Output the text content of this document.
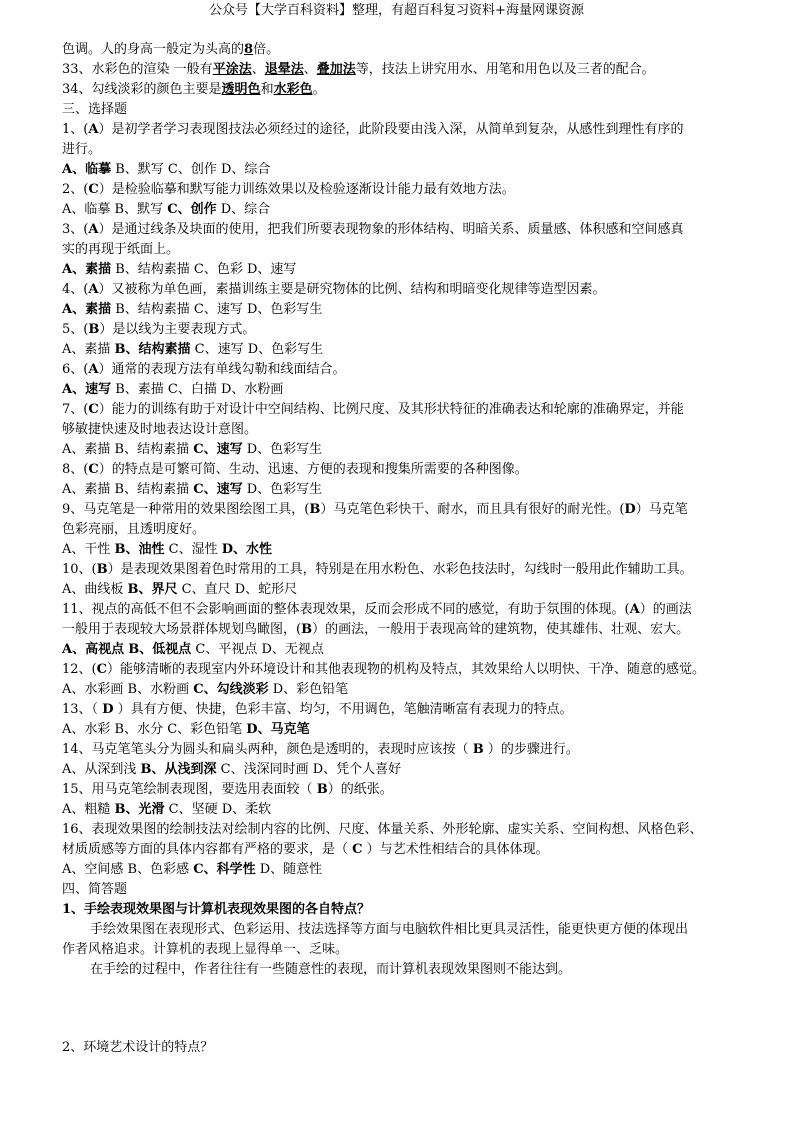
公众号【大学百科资料】整理，有超百科复习资料+海量网课资源
色调。人的身高一般定为头高的8倍。
33、水彩色的渲染 一般有平涂法、退晕法、叠加法等，技法上讲究用水、用笔和用色以及三者的配合。
34、勾线淡彩的颜色主要是透明色和水彩色。
三、选择题
1、(A）是初学者学习表现图技法必须经过的途径，此阶段要由浅入深，从简单到复杂，从感性到理性有序的
进行。
A、临摹 B、默写 C、创作 D、综合
2、(C）是检验临摹和默写能力训练效果以及检验逐渐设计能力最有效地方法。
A、临摹 B、默写 C、创作 D、综合
3、(A）是通过线条及块面的使用，把我们所要表现物象的形体结构、明暗关系、质量感、体积感和空间感真
实的再现于纸面上。
A、素描 B、结构素描 C、色彩 D、速写
4、(A）又被称为单色画，素描训练主要是研究物体的比例、结构和明暗变化规律等造型因素。
A、素描 B、结构素描 C、速写 D、色彩写生
5、(B）是以线为主要表现方式。
A、素描 B、结构素描 C、速写 D、色彩写生
6、(A）通常的表现方法有单线勾勒和线面结合。
A、速写 B、素描 C、白描 D、水粉画
7、(C）能力的训练有助于对设计中空间结构、比例尺度、及其形状特征的准确表达和轮廓的准确界定，并能
够敏捷快速及时地表达设计意图。
A、素描 B、结构素描 C、速写 D、色彩写生
8、(C）的特点是可繁可简、生动、迅速、方便的表现和搜集所需要的各种图像。
A、素描 B、结构素描 C、速写 D、色彩写生
9、马克笔是一种常用的效果图绘图工具，(B）马克笔色彩快干、耐水，而且具有很好的耐光性。(D）马克笔
色彩亮丽，且透明度好。
A、干性 B、油性 C、湿性 D、水性
10、(B）是表现效果图着色时常用的工具，特别是在用水粉色、水彩色技法时，勾线时一般用此作辅助工具。
A、曲线板 B、界尺 C、直尺 D、蛇形尺
11、视点的高低不但不会影响画面的整体表现效果，反而会形成不同的感觉，有助于氛围的体现。(A）的画法
一般用于表现较大场景群体规划鸟瞰图，(B）的画法，一般用于表现高耸的建筑物，使其雄伟、壮观、宏大。
A、高视点 B、低视点 C、平视点 D、无视点
12、(C）能够清晰的表现室内外环境设计和其他表现物的机构及特点，其效果给人以明快、干净、随意的感觉。
A、水彩画 B、水粉画 C、勾线淡彩 D、彩色铅笔
13、（ D ）具有方便、快捷，色彩丰富、均匀，不用调色，笔触清晰富有表现力的特点。
A、水彩 B、水分 C、彩色铅笔 D、马克笔
14、马克笔笔头分为圆头和扁头两种，颜色是透明的，表现时应该按（ B ）的步骤进行。
A、从深到浅 B、从浅到深 C、浅深同时画 D、凭个人喜好
15、用马克笔绘制表现图，要选用表面较（ B）的纸张。
A、粗糙 B、光滑 C、坚硬 D、柔软
16、表现效果图的绘制技法对绘制内容的比例、尺度、体量关系、外形轮廓、虚实关系、空间构想、风格色彩、
材质质感等方面的具体内容都有严格的要求，是（ C ）与艺术性相结合的具体体现。
A、空间感 B、色彩感 C、科学性 D、随意性
四、简答题
1、手绘表现效果图与计算机表现效果图的各自特点？
手绘效果图在表现形式、色彩运用、技法选择等方面与电脑软件相比更具灵活性，能更快更方便的体现出
作者风格追求。计算机的表现上显得单一、乏味。
在手绘的过程中，作者往往有一些随意性的表现，而计算机表现效果图则不能达到。
2、环境艺术设计的特点？
